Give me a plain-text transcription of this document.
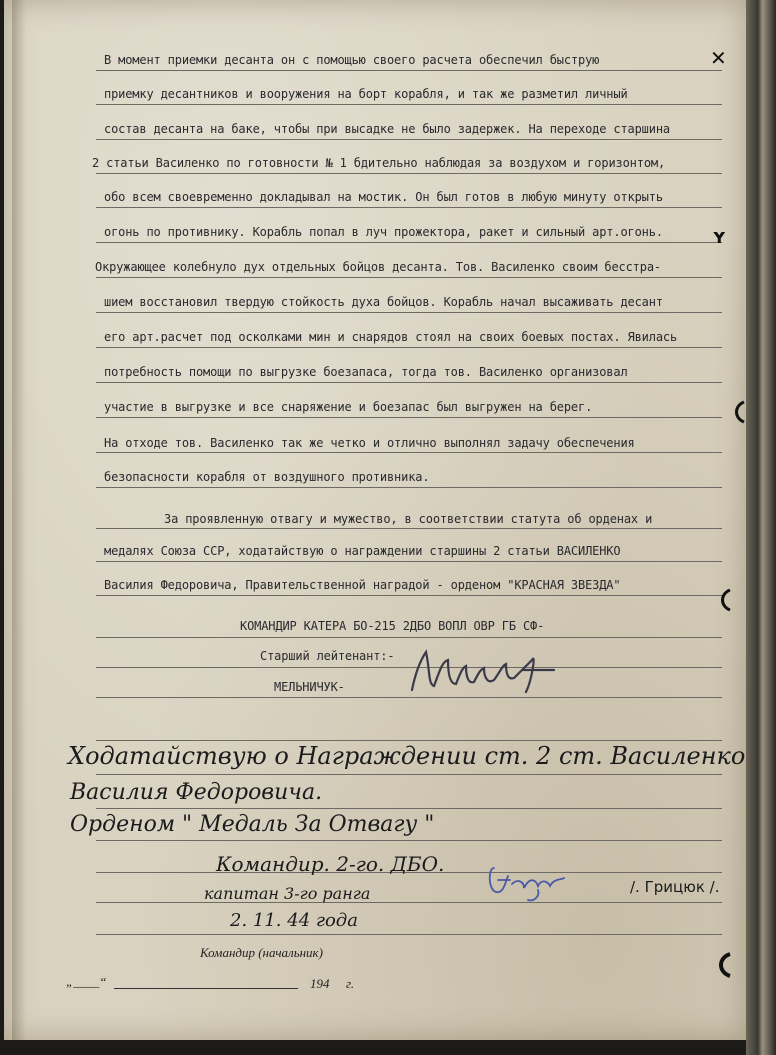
В момент приемки десанта он с помощью своего расчета обеспечил быструю
приемку десантников и вооружения на борт корабля, и так же разметил личный
состав десанта на баке, чтобы при высадке не было задержек. На переходе старшина
2 статьи Василенко по готовности № 1 бдительно наблюдая за воздухом и горизонтом,
обо всем своевременно докладывал на мостик. Он был готов в любую минуту открыть
огонь по противнику. Корабль попал в луч прожектора, ракет и сильный арт.огонь.
Окружающее колебнуло дух отдельных бойцов десанта. Тов. Василенко своим бесстра-
шием восстановил твердую стойкость духа бойцов. Корабль начал высаживать десант
его арт.расчет под осколками мин и снарядов стоял на своих боевых постах. Явилась
потребность помощи по выгрузке боезапаса, тогда тов. Василенко организовал
участие в выгрузке и все снаряжение и боезапас был выгружен на берег.
На отходе тов. Василенко так же четко и отлично выполнял задачу обеспечения
безопасности корабля от воздушного противника.
За проявленную отвагу и мужество, в соответствии статута об орденах и
медалях Союза ССР, ходатайствую о награждении старшины 2 статьи ВАСИЛЕНКО
Василия Федоровича, Правительственной наградой - орденом "КРАСНАЯ ЗВЕЗДА"
КОМАНДИР КАТЕРА БО-215 2ДБО ВОПЛ ОВР ГБ СФ-
Старший лейтенант:-
МЕЛЬНИЧУК-
Ходатайствую о Награждении ст. 2 ст. Василенко
Василия Федоровича.
Орденом " Медаль За Отвагу "
Командир. 2-го. ДБО.
капитан 3-го ранга
2. 11. 44 года
/. Грицюк /.
Командир (начальник)
„____“	194 г.
✕
ʏ
